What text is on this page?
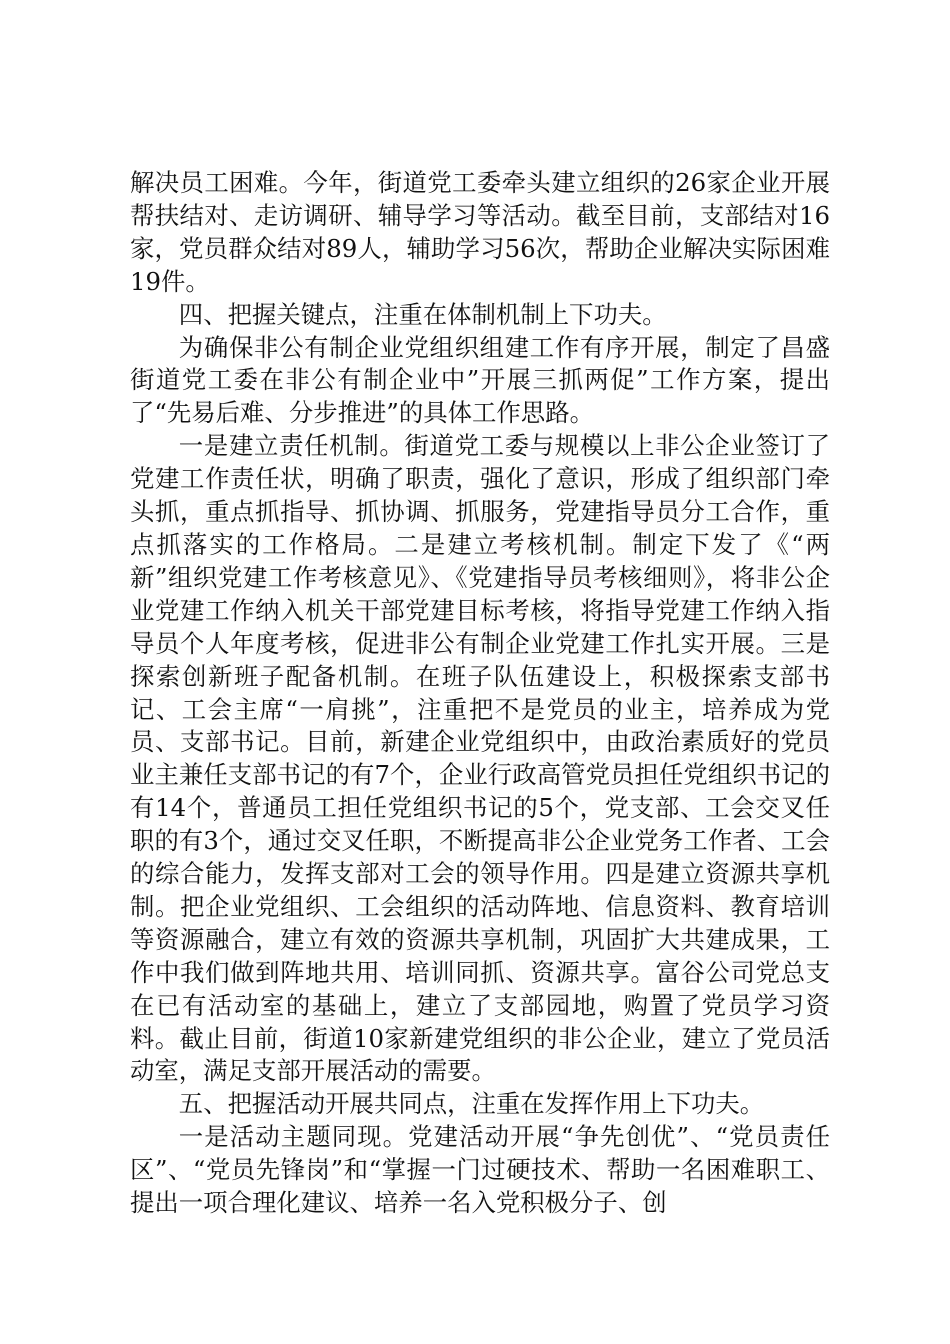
解决员工困难。今年，街道党工委牵头建立组织的26家企业开展帮扶结对、走访调研、辅导学习等活动。截至目前，支部结对16家，党员群众结对89人，辅助学习56次，帮助企业解决实际困难19件。

四、把握关键点，注重在体制机制上下功夫。

为确保非公有制企业党组织组建工作有序开展，制定了昌盛街道党工委在非公有制企业中”开展三抓两促”工作方案，提出了“先易后难、分步推进”的具体工作思路。

一是建立责任机制。街道党工委与规模以上非公企业签订了党建工作责任状，明确了职责，强化了意识，形成了组织部门牵头抓，重点抓指导、抓协调、抓服务，党建指导员分工合作，重点抓落实的工作格局。二是建立考核机制。制定下发了《“两新”组织党建工作考核意见》、《党建指导员考核细则》，将非公企业党建工作纳入机关干部党建目标考核，将指导党建工作纳入指导员个人年度考核，促进非公有制企业党建工作扎实开展。三是探索创新班子配备机制。在班子队伍建设上，积极探索支部书记、工会主席“一肩挑”，注重把不是党员的业主，培养成为党员、支部书记。目前，新建企业党组织中，由政治素质好的党员业主兼任支部书记的有7个，企业行政高管党员担任党组织书记的有14个，普通员工担任党组织书记的5个，党支部、工会交叉任职的有3个，通过交叉任职，不断提高非公企业党务工作者、工会的综合能力，发挥支部对工会的领导作用。四是建立资源共享机制。把企业党组织、工会组织的活动阵地、信息资料、教育培训等资源融合，建立有效的资源共享机制，巩固扩大共建成果，工作中我们做到阵地共用、培训同抓、资源共享。富谷公司党总支在已有活动室的基础上，建立了支部园地，购置了党员学习资料。截止目前，街道10家新建党组织的非公企业，建立了党员活动室，满足支部开展活动的需要。

五、把握活动开展共同点，注重在发挥作用上下功夫。

一是活动主题同现。党建活动开展“争先创优”、“党员责任区”、“党员先锋岗”和“掌握一门过硬技术、帮助一名困难职工、提出一项合理化建议、培养一名入党积极分子、创
